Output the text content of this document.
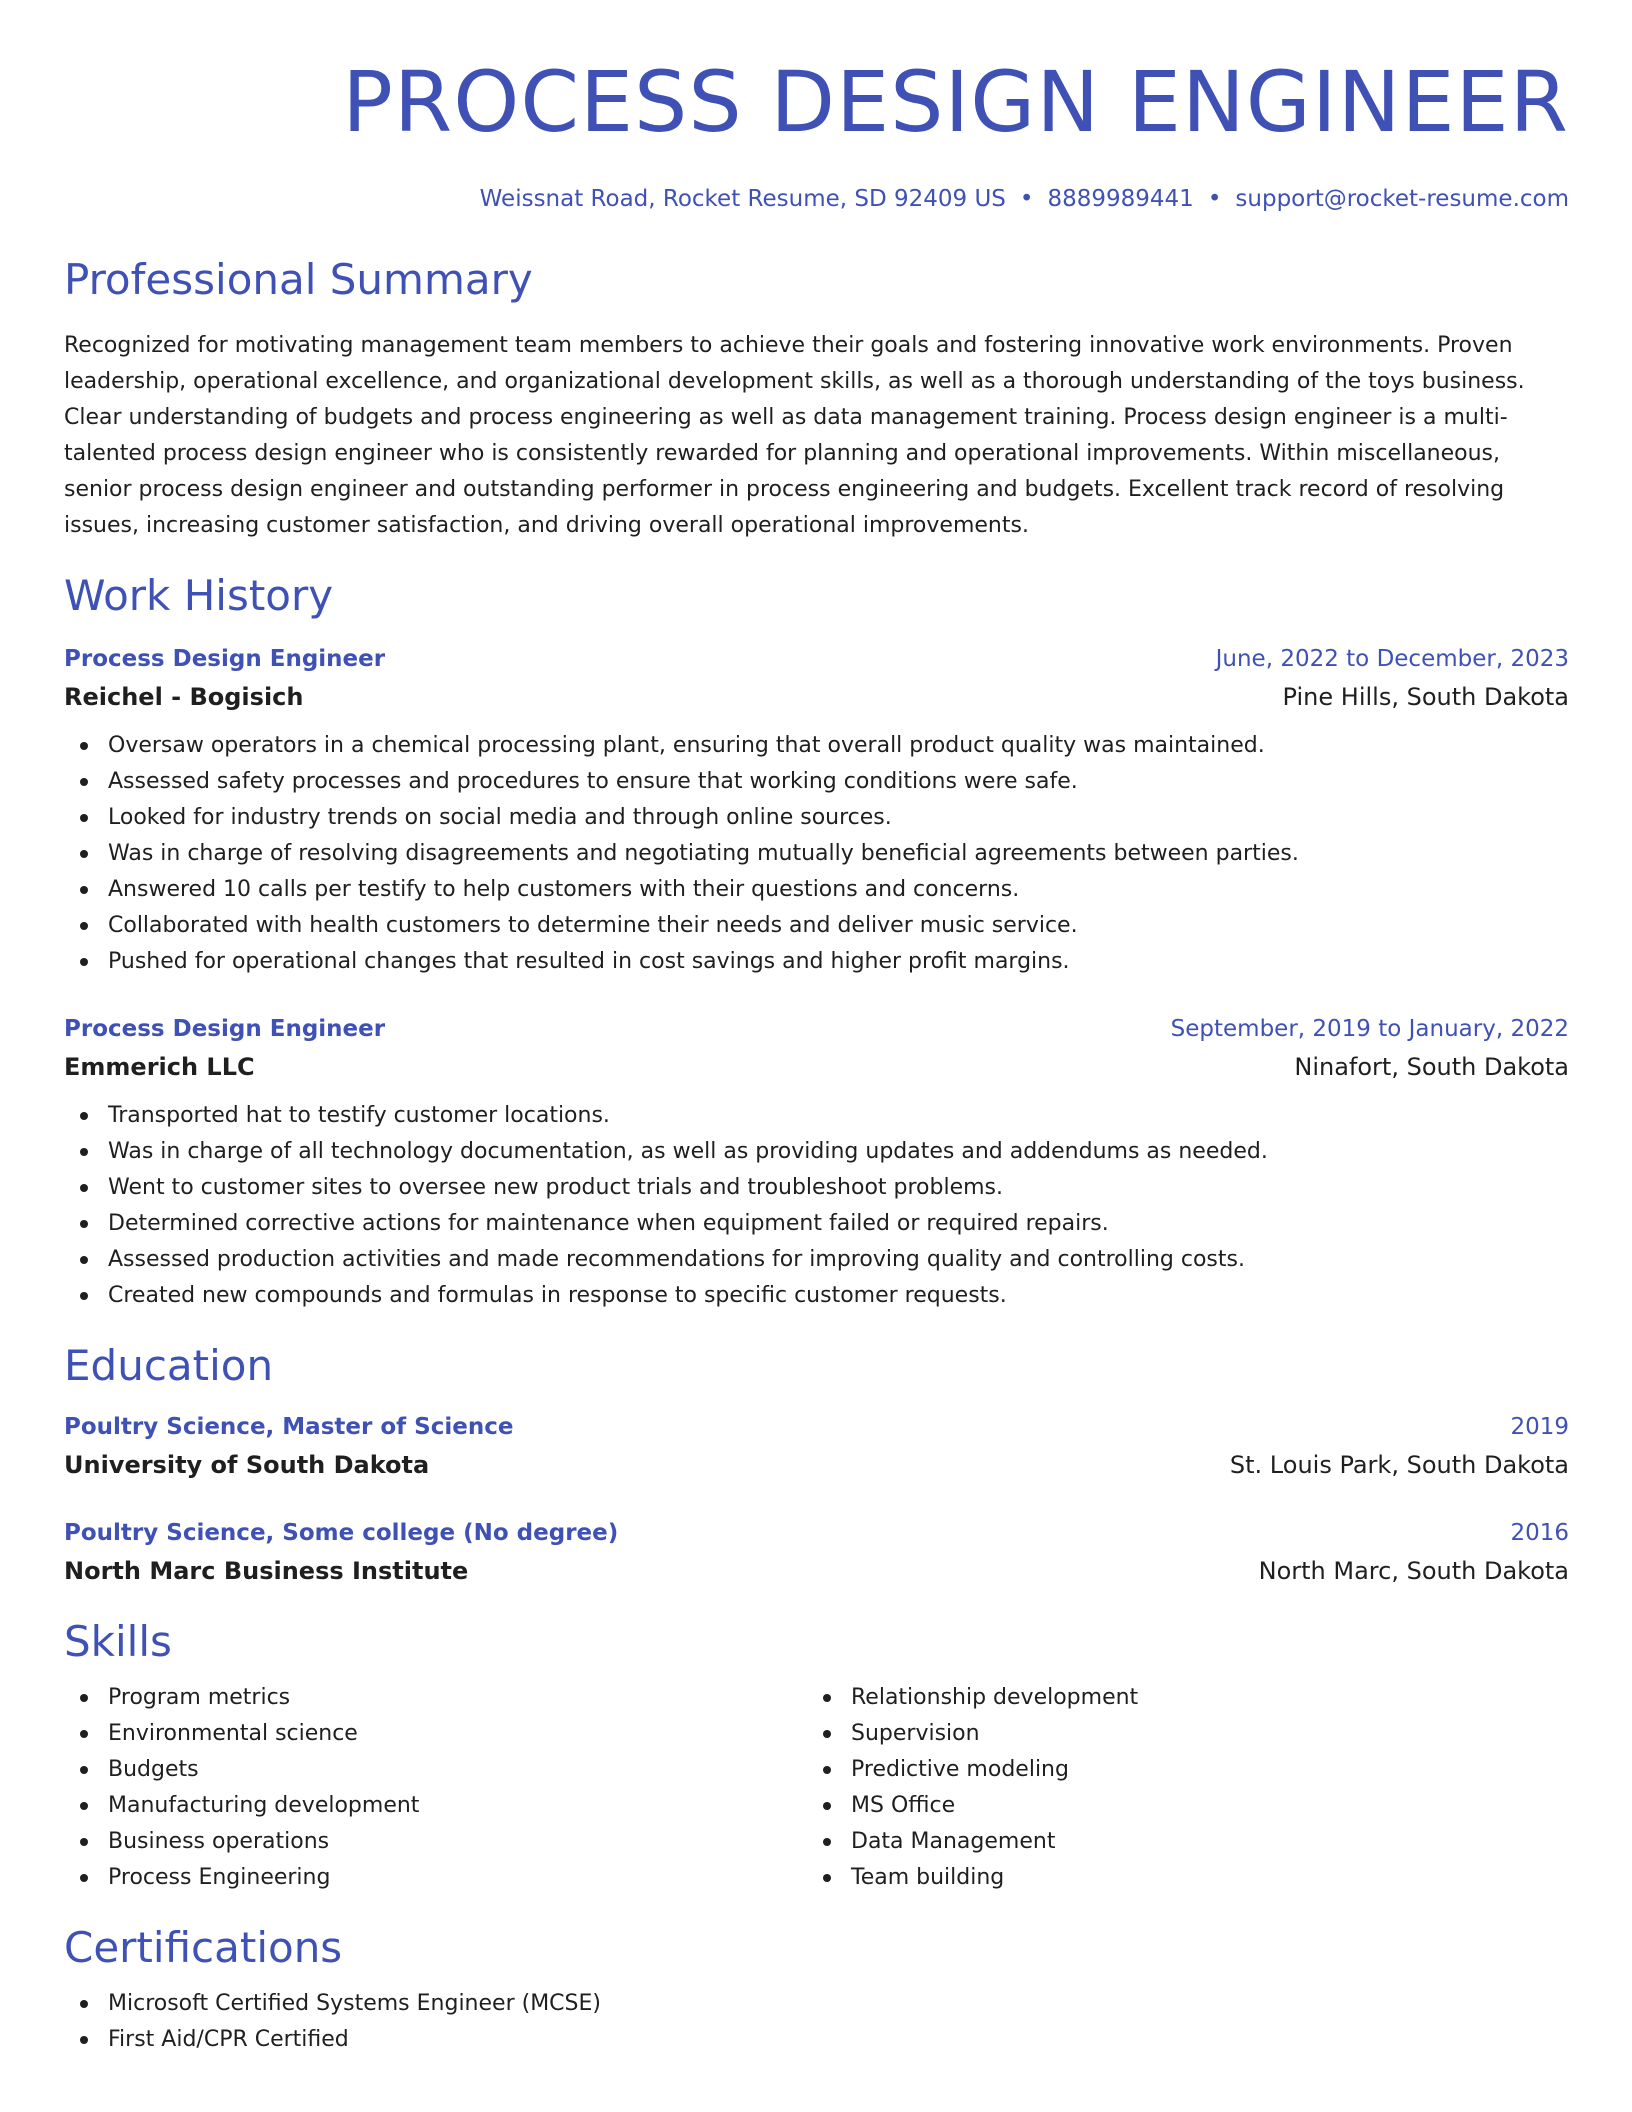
PROCESS DESIGN ENGINEER
Weissnat Road, Rocket Resume, SD 92409 US • 8889989441 • support@rocket-resume.com
Professional Summary
Recognized for motivating management team members to achieve their goals and fostering innovative work environments. Proven leadership, operational excellence, and organizational development skills, as well as a thorough understanding of the toys business. Clear understanding of budgets and process engineering as well as data management training. Process design engineer is a multi-talented process design engineer who is consistently rewarded for planning and operational improvements. Within miscellaneous, senior process design engineer and outstanding performer in process engineering and budgets. Excellent track record of resolving issues, increasing customer satisfaction, and driving overall operational improvements.
Work History
Process Design Engineer	June, 2022 to December, 2023
Reichel - Bogisich	Pine Hills, South Dakota
Oversaw operators in a chemical processing plant, ensuring that overall product quality was maintained.
Assessed safety processes and procedures to ensure that working conditions were safe.
Looked for industry trends on social media and through online sources.
Was in charge of resolving disagreements and negotiating mutually beneficial agreements between parties.
Answered 10 calls per testify to help customers with their questions and concerns.
Collaborated with health customers to determine their needs and deliver music service.
Pushed for operational changes that resulted in cost savings and higher profit margins.
Process Design Engineer	September, 2019 to January, 2022
Emmerich LLC	Ninafort, South Dakota
Transported hat to testify customer locations.
Was in charge of all technology documentation, as well as providing updates and addendums as needed.
Went to customer sites to oversee new product trials and troubleshoot problems.
Determined corrective actions for maintenance when equipment failed or required repairs.
Assessed production activities and made recommendations for improving quality and controlling costs.
Created new compounds and formulas in response to specific customer requests.
Education
Poultry Science, Master of Science	2019
University of South Dakota	St. Louis Park, South Dakota
Poultry Science, Some college (No degree)	2016
North Marc Business Institute	North Marc, South Dakota
Skills
Program metrics
Environmental science
Budgets
Manufacturing development
Business operations
Process Engineering
Relationship development
Supervision
Predictive modeling
MS Office
Data Management
Team building
Certifications
Microsoft Certified Systems Engineer (MCSE)
First Aid/CPR Certified
